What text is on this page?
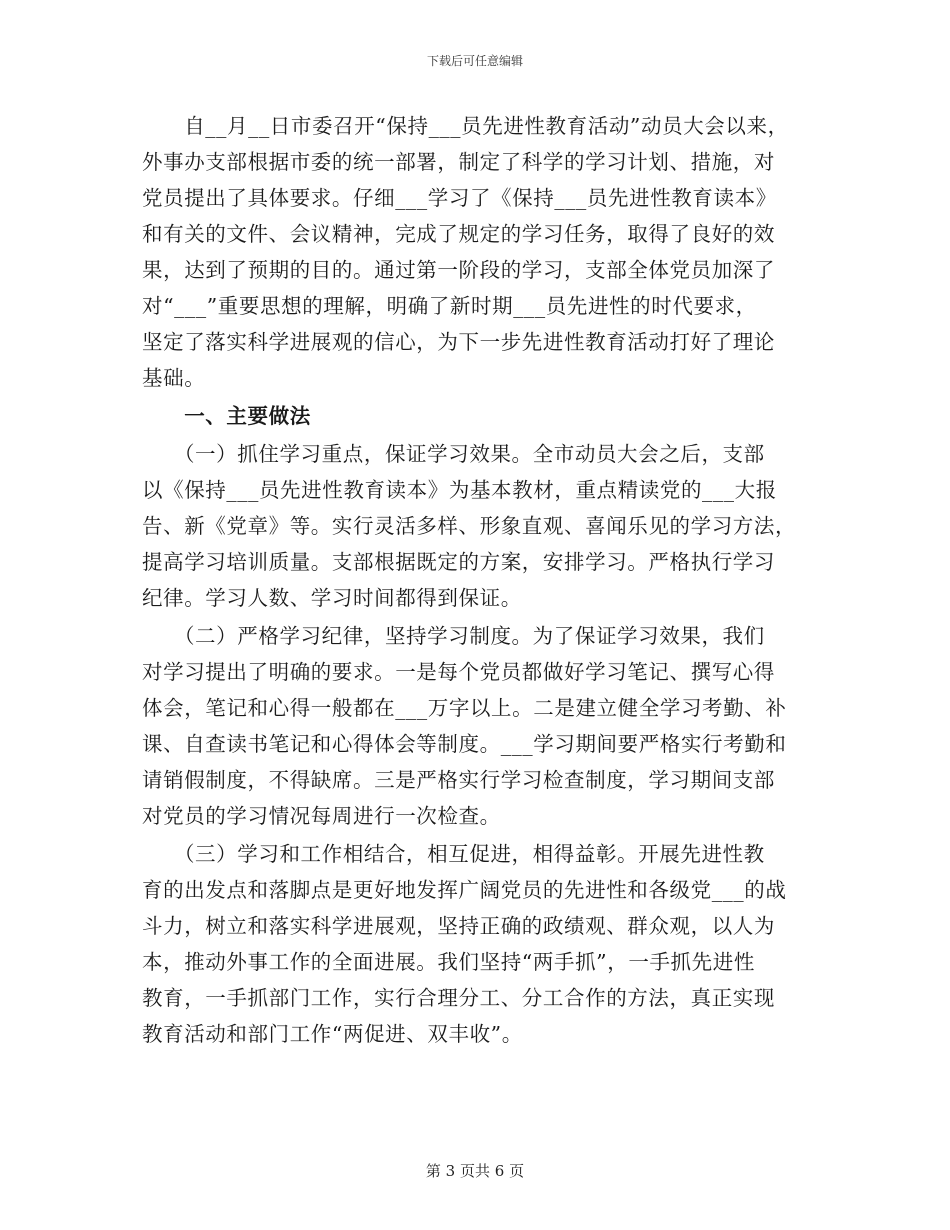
下载后可任意编辑
　　自__月__日市委召开“保持___员先进性教育活动”动员大会以来，
外事办支部根据市委的统一部署，制定了科学的学习计划、措施，对
党员提出了具体要求。仔细___学习了《保持___员先进性教育读本》
和有关的文件、会议精神，完成了规定的学习任务，取得了良好的效
果，达到了预期的目的。通过第一阶段的学习，支部全体党员加深了
对“___”重要思想的理解，明确了新时期___员先进性的时代要求，
坚定了落实科学进展观的信心，为下一步先进性教育活动打好了理论
基础。
　　一、主要做法
　　（一）抓住学习重点，保证学习效果。全市动员大会之后，支部
以《保持___员先进性教育读本》为基本教材，重点精读党的___大报
告、新《党章》等。实行灵活多样、形象直观、喜闻乐见的学习方法，
提高学习培训质量。支部根据既定的方案，安排学习。严格执行学习
纪律。学习人数、学习时间都得到保证。
　　（二）严格学习纪律，坚持学习制度。为了保证学习效果，我们
对学习提出了明确的要求。一是每个党员都做好学习笔记、撰写心得
体会，笔记和心得一般都在___万字以上。二是建立健全学习考勤、补
课、自查读书笔记和心得体会等制度。___学习期间要严格实行考勤和
请销假制度，不得缺席。三是严格实行学习检查制度，学习期间支部
对党员的学习情况每周进行一次检查。
　　（三）学习和工作相结合，相互促进，相得益彰。开展先进性教
育的出发点和落脚点是更好地发挥广阔党员的先进性和各级党___的战
斗力，树立和落实科学进展观，坚持正确的政绩观、群众观，以人为
本，推动外事工作的全面进展。我们坚持“两手抓”，一手抓先进性
教育，一手抓部门工作，实行合理分工、分工合作的方法，真正实现
教育活动和部门工作“两促进、双丰收”。
第 3 页共 6 页
